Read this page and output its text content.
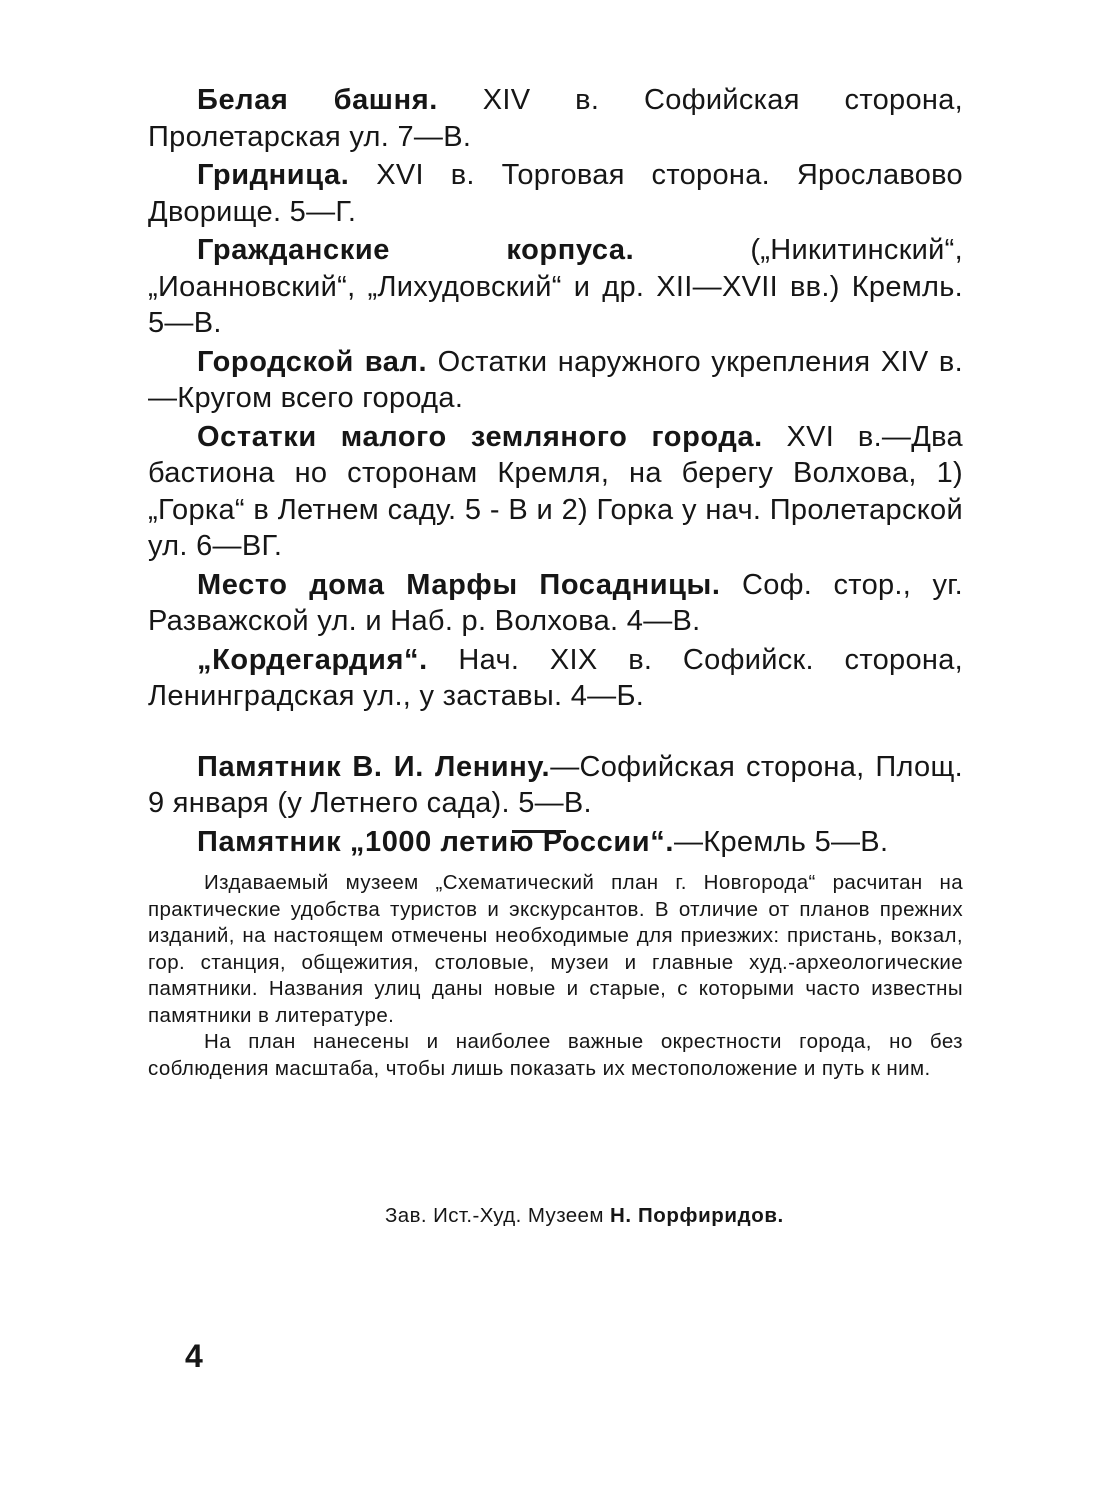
Белая башня. XIV в. Софийская сторона, Пролетарская ул. 7—В.

Гридница. XVI в. Торговая сторона. Ярославово Дворище. 5—Г.

Гражданские корпуса. („Никитинский“, „Иоанновский“, „Лихудовский“ и др. XII—XVII вв.) Кремль. 5—В.

Городской вал. Остатки наружного укрепления XIV в.—Кругом всего города.

Остатки малого земляного города. XVI в.—Два бастиона но сторонам Кремля, на берегу Волхова, 1) „Горка“ в Летнем саду. 5 - В и 2) Горка у нач. Пролетарской ул. 6—ВГ.

Место дома Марфы Посадницы. Соф. стор., уг. Разважской ул. и Наб. р. Волхова. 4—В.

„Кордегардия“. Нач. XIX в. Софийск. сторона, Ленинградская ул., у заставы. 4—Б.

Памятник В. И. Ленину.—Софийская сторона, Площ. 9 января (у Летнего сада). 5—В.

Памятник „1000 летию России“.—Кремль 5—В.

Издаваемый музеем „Схематический план г. Новгорода“ расчитан на практические удобства туристов и экскурсантов. В отличие от планов прежних изданий, на настоящем отмечены необходимые для приезжих: пристань, вокзал, гор. станция, общежития, столовые, музеи и главные худ.-археологические памятники. Названия улиц даны новые и старые, с которыми часто известны памятники в литературе.

На план нанесены и наиболее важные окрестности города, но без соблюдения масштаба, чтобы лишь показать их местоположение и путь к ним.

Зав. Ист.-Худ. Музеем Н. Порфиридов.
4
